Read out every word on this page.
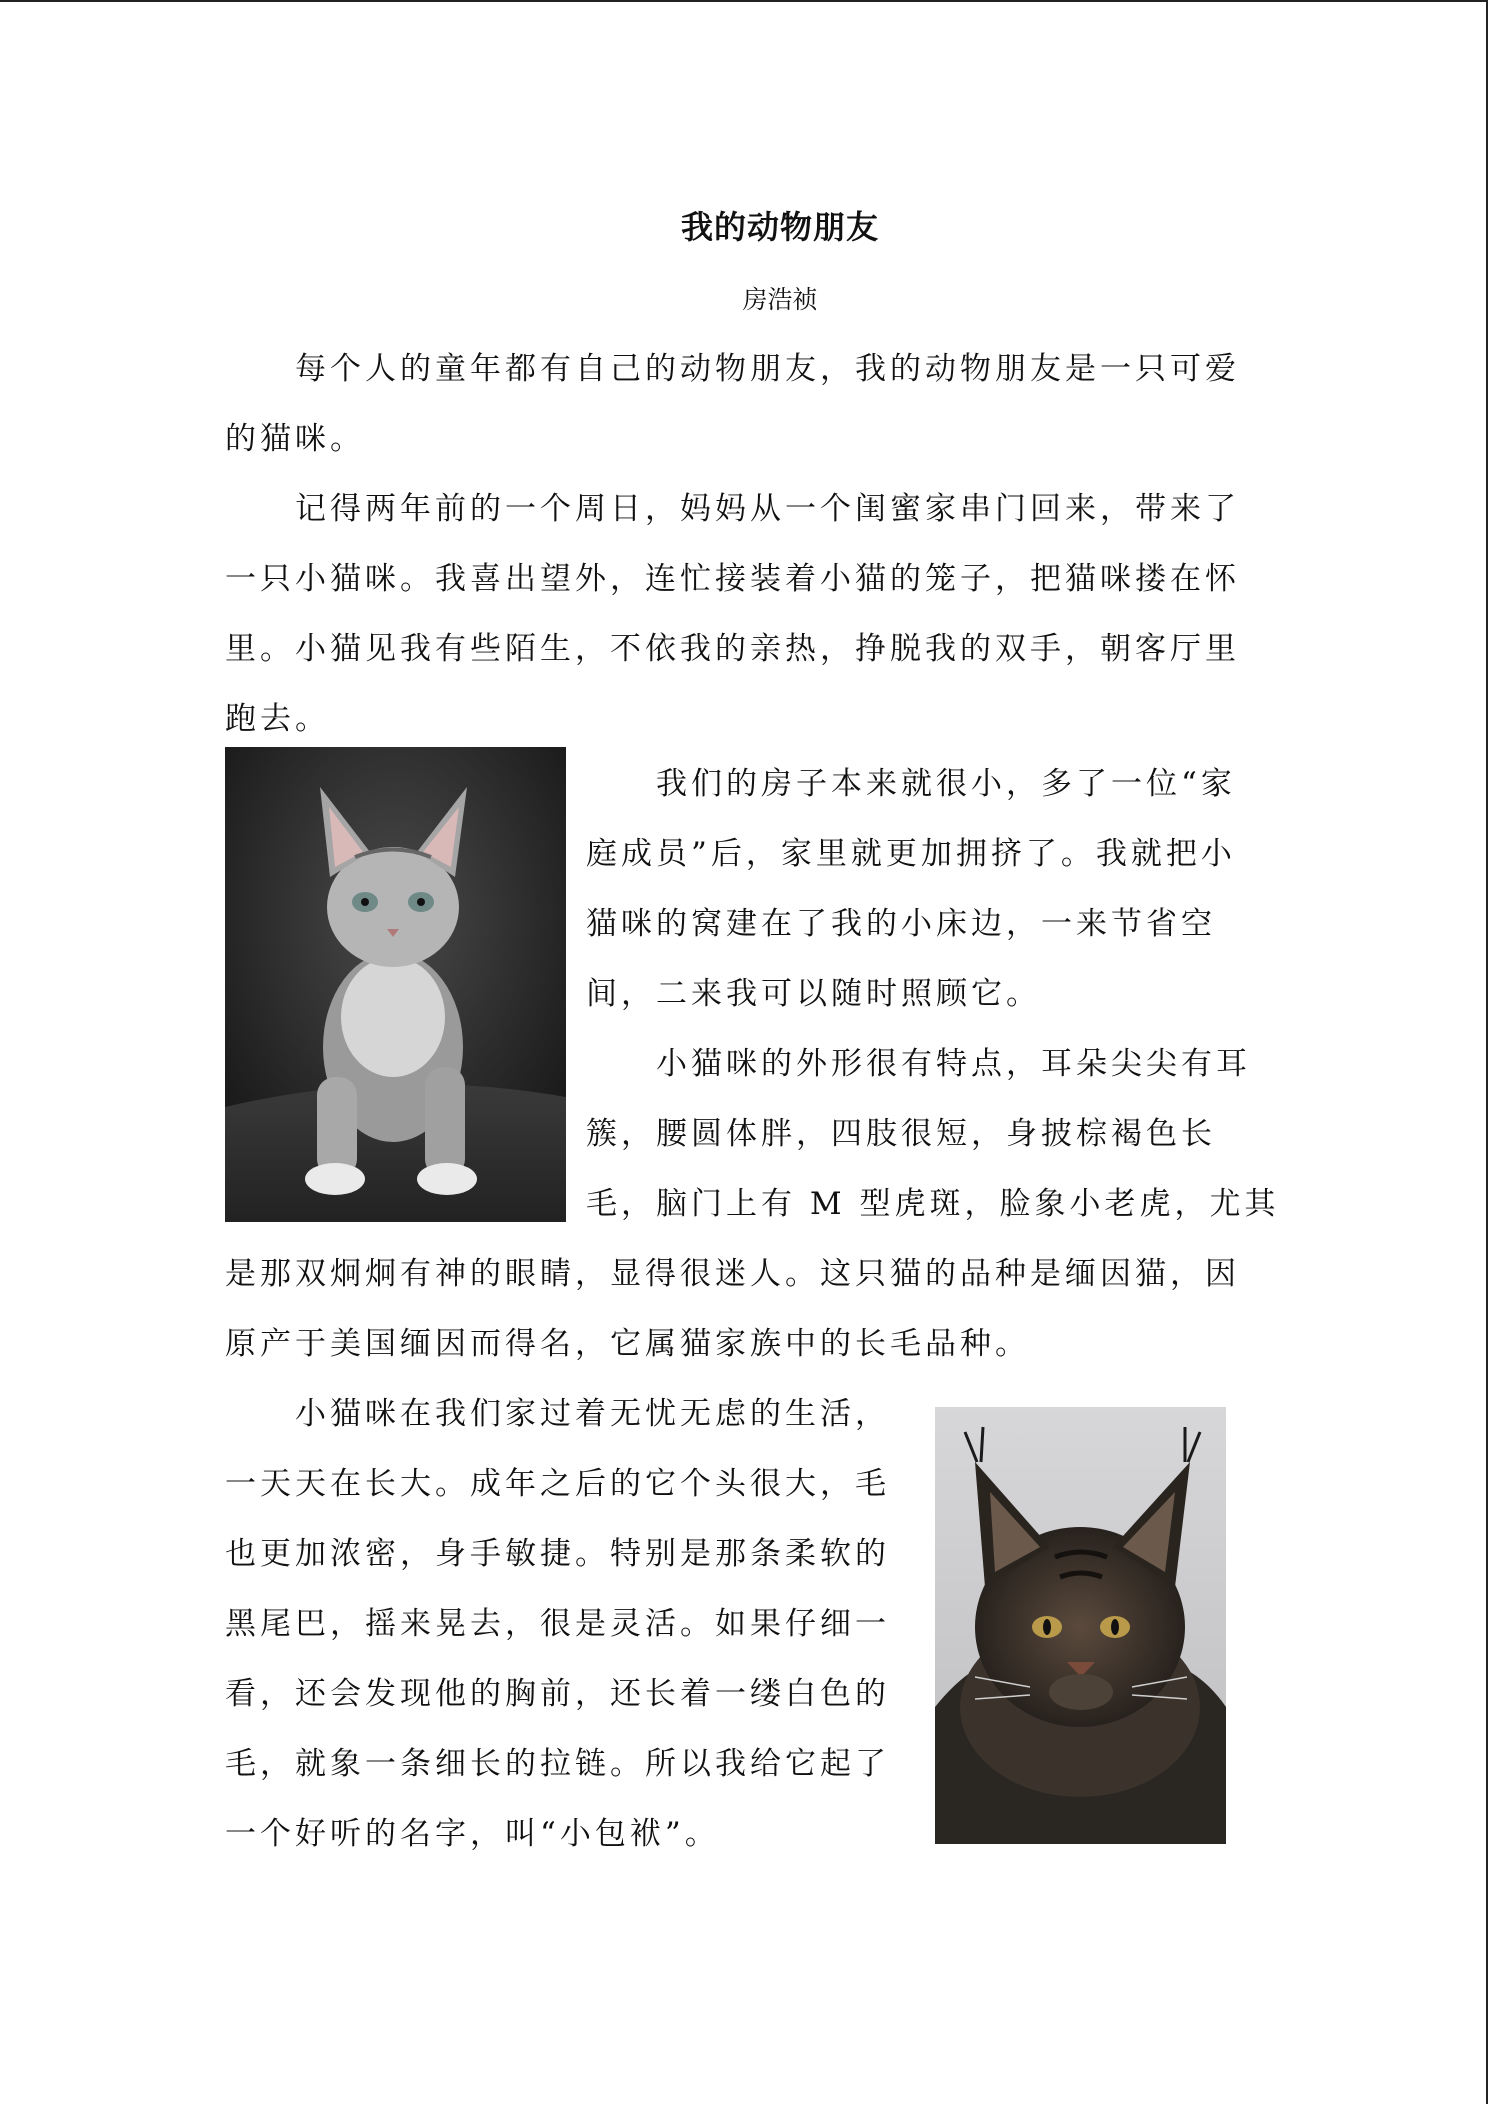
我的动物朋友
房浩祯
每个人的童年都有自己的动物朋友，我的动物朋友是一只可爱
的猫咪。
记得两年前的一个周日，妈妈从一个闺蜜家串门回来，带来了
一只小猫咪。我喜出望外，连忙接装着小猫的笼子，把猫咪搂在怀
里。小猫见我有些陌生，不依我的亲热，挣脱我的双手，朝客厅里
跑去。
我们的房子本来就很小，多了一位“家
庭成员”后，家里就更加拥挤了。我就把小
猫咪的窝建在了我的小床边，一来节省空
间，二来我可以随时照顾它。
小猫咪的外形很有特点，耳朵尖尖有耳
簇，腰圆体胖，四肢很短，身披棕褐色长
毛，脑门上有 M 型虎斑，脸象小老虎，尤其
是那双炯炯有神的眼睛，显得很迷人。这只猫的品种是缅因猫，因
原产于美国缅因而得名，它属猫家族中的长毛品种。
小猫咪在我们家过着无忧无虑的生活，
一天天在长大。成年之后的它个头很大，毛
也更加浓密，身手敏捷。特别是那条柔软的
黑尾巴，摇来晃去，很是灵活。如果仔细一
看，还会发现他的胸前，还长着一缕白色的
毛，就象一条细长的拉链。所以我给它起了
一个好听的名字，叫“小包袱”。
